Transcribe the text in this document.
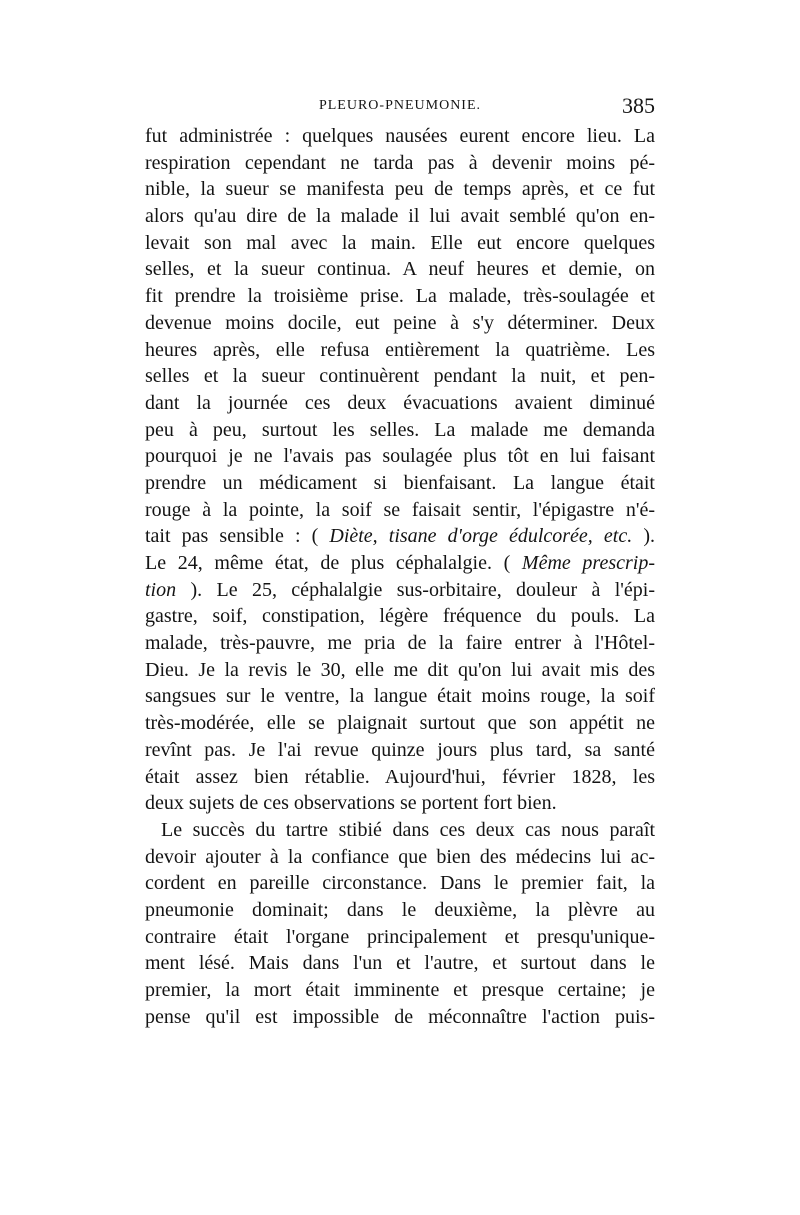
PLEURO-PNEUMONIE.	385
fut administrée : quelques nausées eurent encore lieu. La
respiration cependant ne tarda pas à devenir moins pé-
nible, la sueur se manifesta peu de temps après, et ce fut
alors qu'au dire de la malade il lui avait semblé qu'on en-
levait son mal avec la main. Elle eut encore quelques
selles, et la sueur continua. A neuf heures et demie, on
fit prendre la troisième prise. La malade, très-soulagée et
devenue moins docile, eut peine à s'y déterminer. Deux
heures après, elle refusa entièrement la quatrième. Les
selles et la sueur continuèrent pendant la nuit, et pen-
dant la journée ces deux évacuations avaient diminué
peu à peu, surtout les selles. La malade me demanda
pourquoi je ne l'avais pas soulagée plus tôt en lui faisant
prendre un médicament si bienfaisant. La langue était
rouge à la pointe, la soif se faisait sentir, l'épigastre n'é-
tait pas sensible : ( Diète, tisane d'orge édulcorée, etc. ).
Le 24, même état, de plus céphalalgie. ( Même prescrip-
tion ). Le 25, céphalalgie sus-orbitaire, douleur à l'épi-
gastre, soif, constipation, légère fréquence du pouls. La
malade, très-pauvre, me pria de la faire entrer à l'Hôtel-
Dieu. Je la revis le 30, elle me dit qu'on lui avait mis des
sangsues sur le ventre, la langue était moins rouge, la soif
très-modérée, elle se plaignait surtout que son appétit ne
revînt pas. Je l'ai revue quinze jours plus tard, sa santé
était assez bien rétablie. Aujourd'hui, février 1828, les
deux sujets de ces observations se portent fort bien.
Le succès du tartre stibié dans ces deux cas nous paraît
devoir ajouter à la confiance que bien des médecins lui ac-
cordent en pareille circonstance. Dans le premier fait, la
pneumonie dominait; dans le deuxième, la plèvre au
contraire était l'organe principalement et presqu'unique-
ment lésé. Mais dans l'un et l'autre, et surtout dans le
premier, la mort était imminente et presque certaine; je
pense qu'il est impossible de méconnaître l'action puis-
